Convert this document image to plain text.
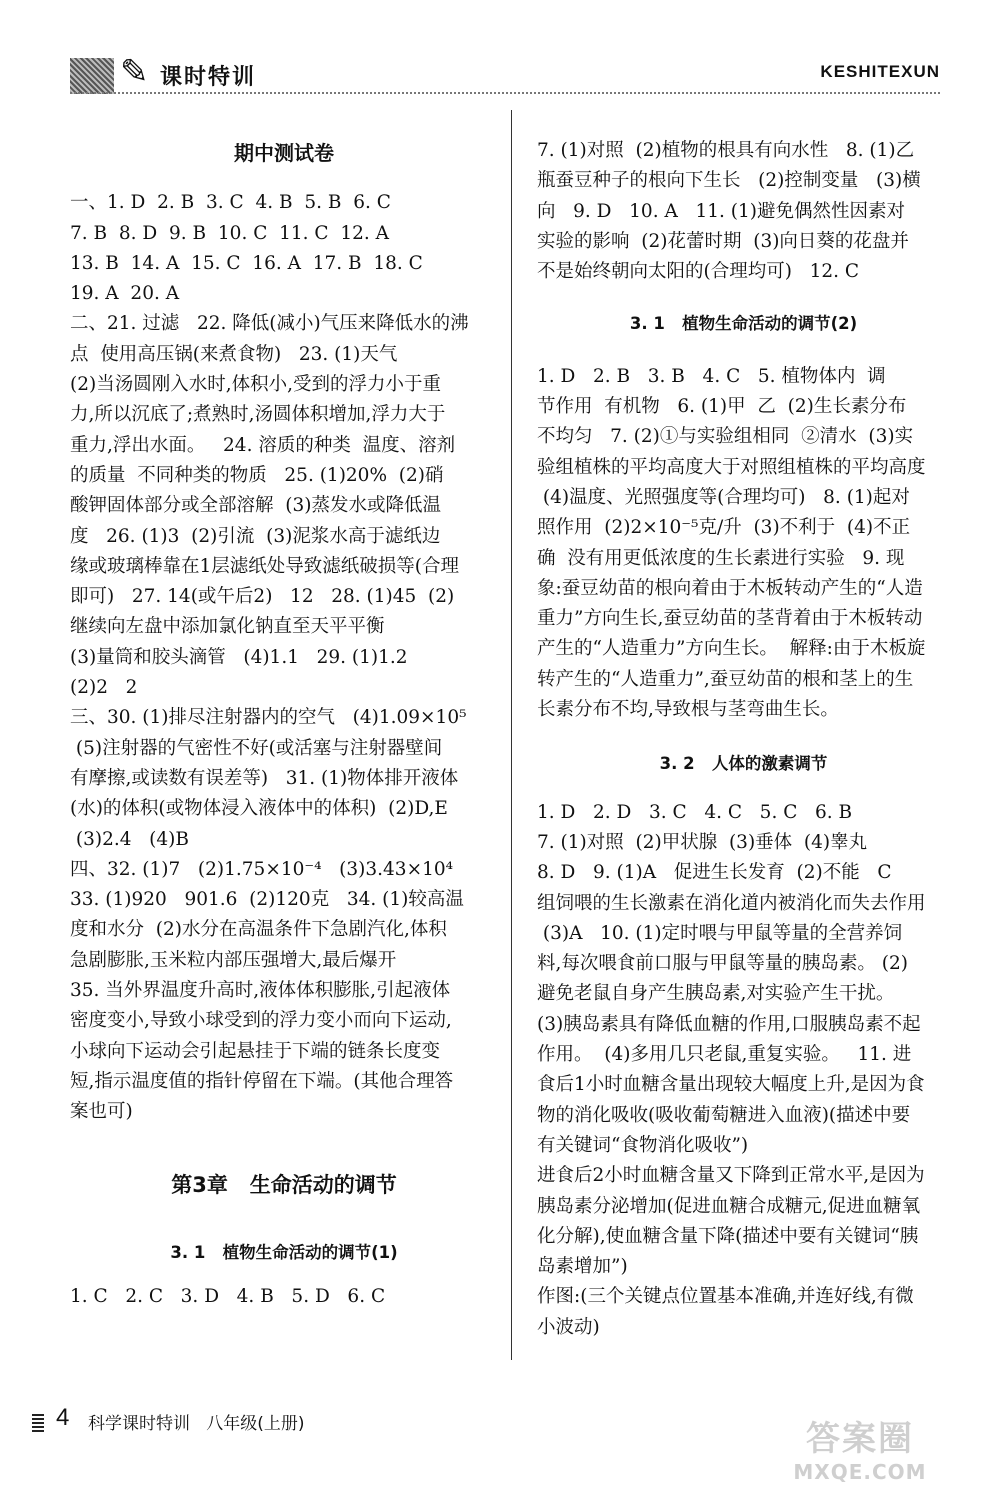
✎ 课时特训	KESHITEXUN

期中测试卷

一、1. D  2. B  3. C  4. B  5. B  6. C

7. B  8. D  9. B  10. C  11. C  12. A

13. B  14. A  15. C  16. A  17. B  18. C

19. A  20. A

二、21. 过滤   22. 降低(减小)气压来降低水的沸

点  使用高压锅(来煮食物)   23. (1)天气

(2)当汤圆刚入水时,体积小,受到的浮力小于重

力,所以沉底了;煮熟时,汤圆体积增加,浮力大于

重力,浮出水面。   24. 溶质的种类  温度、溶剂

的质量  不同种类的物质   25. (1)20%  (2)硝

酸钾固体部分或全部溶解  (3)蒸发水或降低温

度   26. (1)3  (2)引流  (3)泥浆水高于滤纸边

缘或玻璃棒靠在1层滤纸处导致滤纸破损等(合理

即可)   27. 14(或午后2)   12   28. (1)45  (2)

继续向左盘中添加氯化钠直至天平平衡

(3)量筒和胶头滴管   (4)1.1   29. (1)1.2

(2)2   2

三、30. (1)排尽注射器内的空气   (4)1.09×10⁵

(5)注射器的气密性不好(或活塞与注射器壁间

有摩擦,或读数有误差等)   31. (1)物体排开液体

(水)的体积(或物体浸入液体中的体积)  (2)D,E

(3)2.4   (4)B

四、32. (1)7   (2)1.75×10⁻⁴   (3)3.43×10⁴

33. (1)920   901.6  (2)120克   34. (1)较高温

度和水分  (2)水分在高温条件下急剧汽化,体积

急剧膨胀,玉米粒内部压强增大,最后爆开

35. 当外界温度升高时,液体体积膨胀,引起液体

密度变小,导致小球受到的浮力变小而向下运动,

小球向下运动会引起悬挂于下端的链条长度变

短,指示温度值的指针停留在下端。(其他合理答

案也可)

第3章   生命活动的调节

3. 1   植物生命活动的调节(1)

1. C   2. C   3. D   4. B   5. D   6. C

7. (1)对照  (2)植物的根具有向水性   8. (1)乙

瓶蚕豆种子的根向下生长   (2)控制变量   (3)横

向   9. D   10. A   11. (1)避免偶然性因素对

实验的影响  (2)花蕾时期  (3)向日葵的花盘并

不是始终朝向太阳的(合理均可)   12. C

3. 1   植物生命活动的调节(2)

1. D   2. B   3. B   4. C   5. 植物体内  调

节作用  有机物   6. (1)甲  乙  (2)生长素分布

不均匀   7. (2)①与实验组相同  ②清水  (3)实

验组植株的平均高度大于对照组植株的平均高度

(4)温度、光照强度等(合理均可)   8. (1)起对

照作用  (2)2×10⁻⁵克/升  (3)不利于  (4)不正

确  没有用更低浓度的生长素进行实验   9. 现

象:蚕豆幼苗的根向着由于木板转动产生的“人造

重力”方向生长,蚕豆幼苗的茎背着由于木板转动

产生的“人造重力”方向生长。  解释:由于木板旋

转产生的“人造重力”,蚕豆幼苗的根和茎上的生

长素分布不均,导致根与茎弯曲生长。

3. 2   人体的激素调节

1. D   2. D   3. C   4. C   5. C   6. B

7. (1)对照  (2)甲状腺  (3)垂体  (4)睾丸

8. D   9. (1)A   促进生长发育  (2)不能   C

组饲喂的生长激素在消化道内被消化而失去作用

(3)A   10. (1)定时喂与甲鼠等量的全营养饲

料,每次喂食前口服与甲鼠等量的胰岛素。 (2)

避免老鼠自身产生胰岛素,对实验产生干扰。

(3)胰岛素具有降低血糖的作用,口服胰岛素不起

作用。  (4)多用几只老鼠,重复实验。   11. 进

食后1小时血糖含量出现较大幅度上升,是因为食

物的消化吸收(吸收葡萄糖进入血液)(描述中要

有关键词“食物消化吸收”)

进食后2小时血糖含量又下降到正常水平,是因为

胰岛素分泌增加(促进血糖合成糖元,促进血糖氧

化分解),使血糖含量下降(描述中要有关键词“胰

岛素增加”)

作图:(三个关键点位置基本准确,并连好线,有微

小波动)

4 科学课时特训   八年级(上册)	答案圈
MXQE.COM
